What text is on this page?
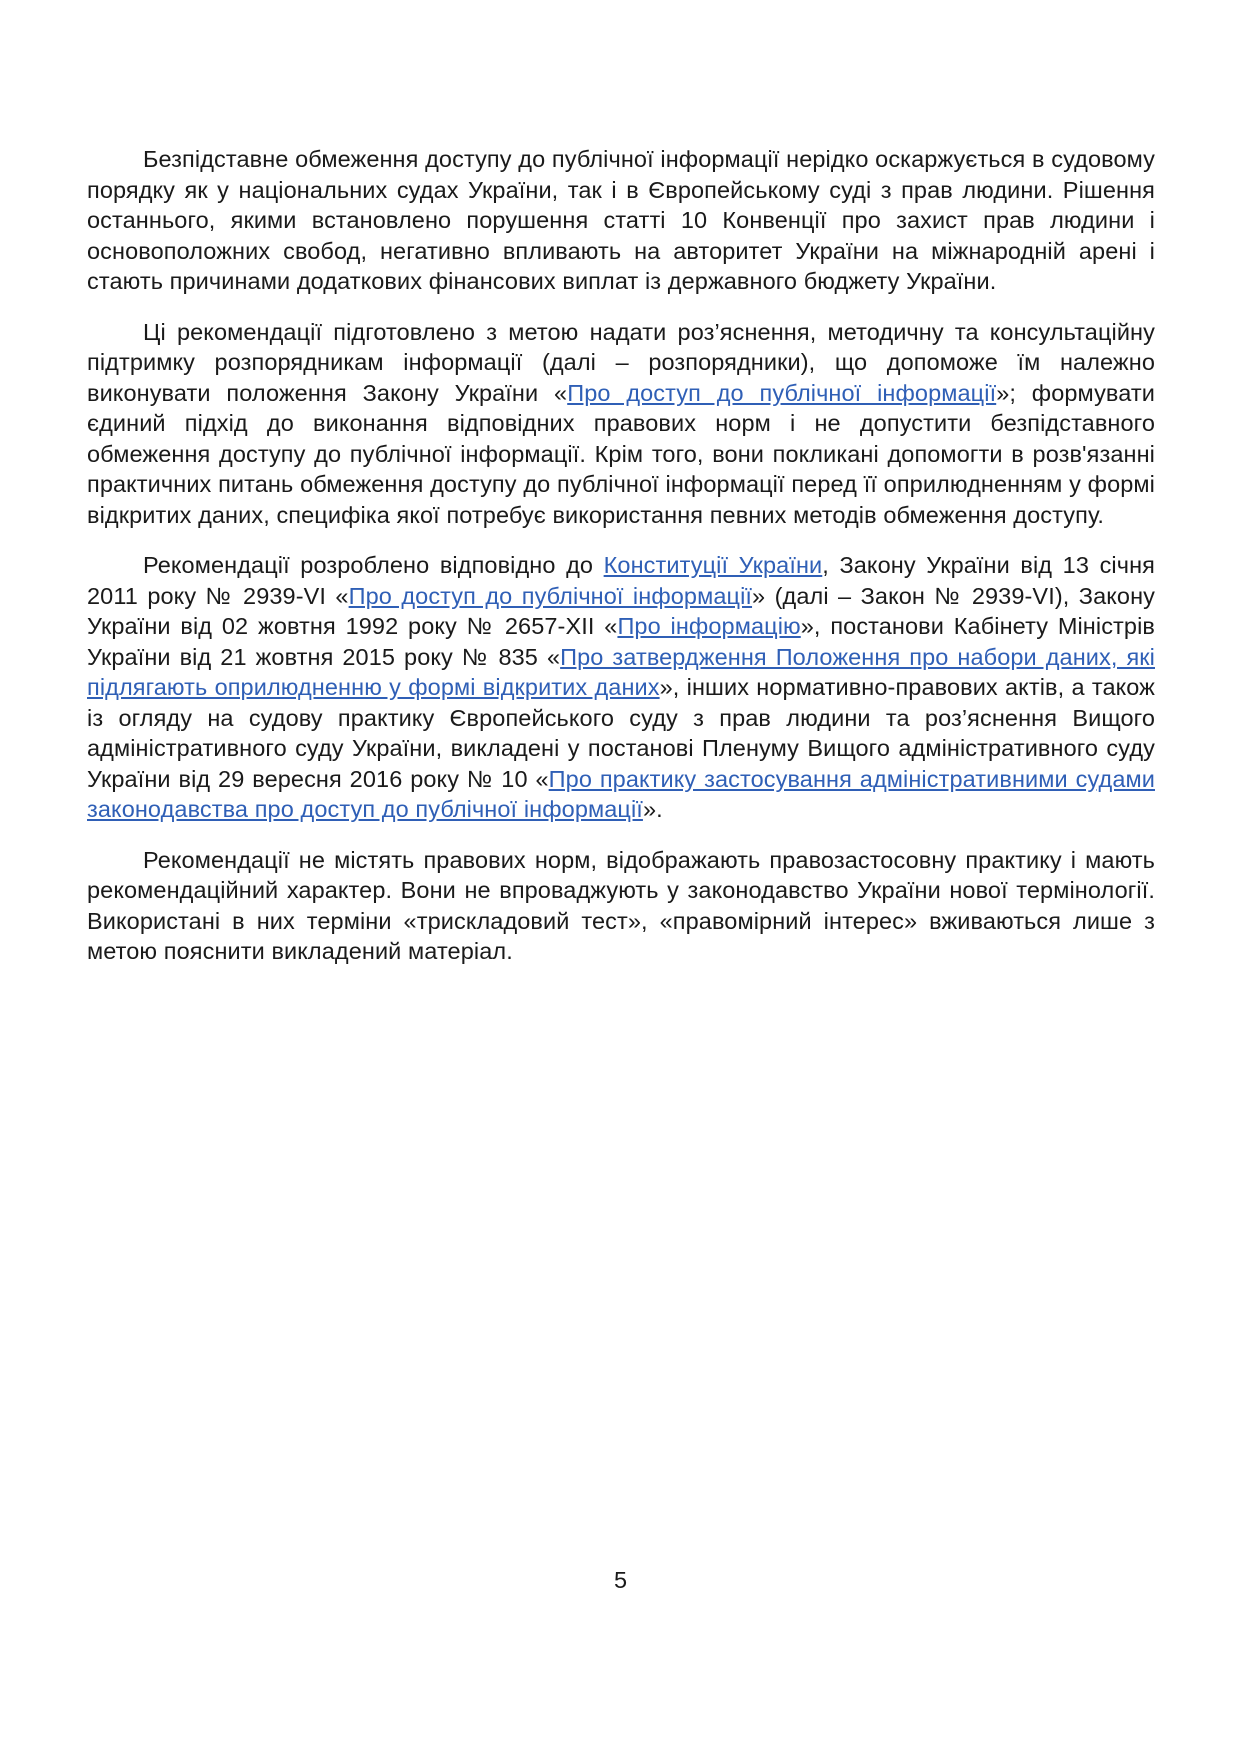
Безпідставне обмеження доступу до публічної інформації нерідко оскаржується в судовому порядку як у національних судах України, так і в Європейському суді з прав людини. Рішення останнього, якими встановлено порушення статті 10 Конвенції про захист прав людини і основоположних свобод, негативно впливають на авторитет України на міжнародній арені і стають причинами додаткових фінансових виплат із державного бюджету України.

Ці рекомендації підготовлено з метою надати роз’яснення, методичну та консультаційну підтримку розпорядникам інформації (далі – розпорядники), що допоможе їм належно виконувати положення Закону України «Про доступ до публічної інформації»; формувати єдиний підхід до виконання відповідних правових норм і не допустити безпідставного обмеження доступу до публічної інформації. Крім того, вони покликані допомогти в розв'язанні практичних питань обмеження доступу до публічної інформації перед її оприлюдненням у формі відкритих даних, специфіка якої потребує використання певних методів обмеження доступу.

Рекомендації розроблено відповідно до Конституції України, Закону України від 13 січня 2011 року № 2939-VI «Про доступ до публічної інформації» (далі – Закон № 2939-VI), Закону України від 02 жовтня 1992 року № 2657-XII «Про інформацію», постанови Кабінету Міністрів України від 21 жовтня 2015 року № 835 «Про затвердження Положення про набори даних, які підлягають оприлюдненню у формі відкритих даних», інших нормативно-правових актів, а також із огляду на судову практику Європейського суду з прав людини та роз’яснення Вищого адміністративного суду України, викладені у постанові Пленуму Вищого адміністративного суду України від 29 вересня 2016 року № 10 «Про практику застосування адміністративними судами законодавства про доступ до публічної інформації».

Рекомендації не містять правових норм, відображають правозастосовну практику і мають рекомендаційний характер. Вони не впроваджують у законодавство України нової термінології. Використані в них терміни «трискладовий тест», «правомірний інтерес» вживаються лише з метою пояснити викладений матеріал.

5
